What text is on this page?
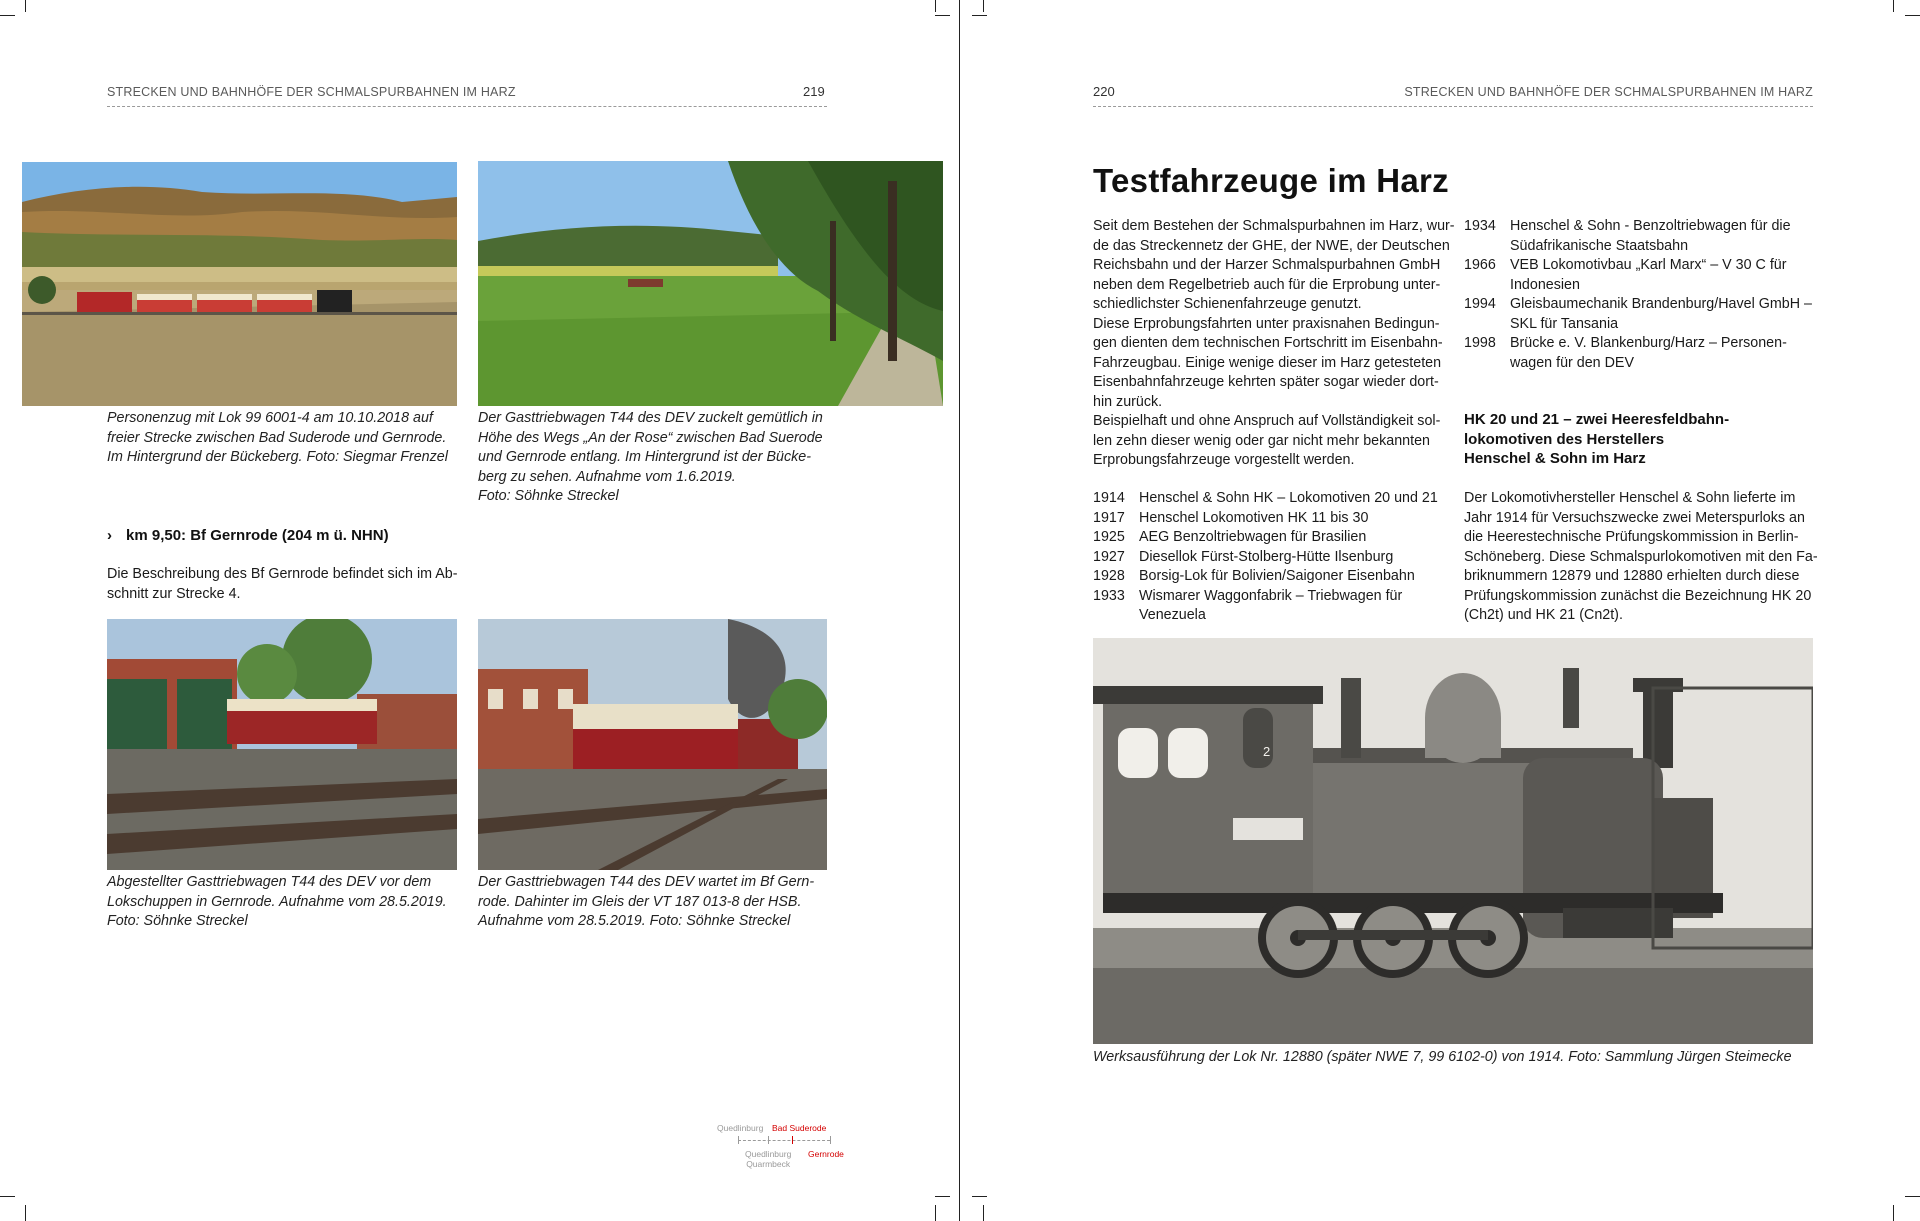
STRECKEN UND BAHNHÖFE DER SCHMALSPURBAHNEN IM HARZ	219
Personenzug mit Lok 99 6001-4 am 10.10.2018 auf
freier Strecke zwischen Bad Suderode und Gernrode.
Im Hintergrund der Bückeberg. Foto: Siegmar Frenzel
Der Gasttriebwagen T44 des DEV zuckelt gemütlich in
Höhe des Wegs „An der Rose“ zwischen Bad Suerode
und Gernrode entlang. Im Hintergrund ist der Bücke-
berg zu sehen. Aufnahme vom 1.6.2019.
Foto: Söhnke Streckel
› km 9,50: Bf Gernrode (204 m ü. NHN)
Die Beschreibung des Bf Gernrode befindet sich im Ab-
schnitt zur Strecke 4.
Abgestellter Gasttriebwagen T44 des DEV vor dem
Lokschuppen in Gernrode. Aufnahme vom 28.5.2019.
Foto: Söhnke Streckel
Der Gasttriebwagen T44 des DEV wartet im Bf Gern-
rode. Dahinter im Gleis der VT 187 013-8 der HSB.
Aufnahme vom 28.5.2019. Foto: Söhnke Streckel
Quedlinburg Bad Suderode
Quedlinburg
Quarmbeck
Gernrode
220	STRECKEN UND BAHNHÖFE DER SCHMALSPURBAHNEN IM HARZ
Testfahrzeuge im Harz
Seit dem Bestehen der Schmalspurbahnen im Harz, wur-
de das Streckennetz der GHE, der NWE, der Deutschen
Reichsbahn und der Harzer Schmalspurbahnen GmbH
neben dem Regelbetrieb auch für die Erprobung unter-
schiedlichster Schienenfahrzeuge genutzt.
Diese Erprobungsfahrten unter praxisnahen Bedingun-
gen dienten dem technischen Fortschritt im Eisenbahn-
Fahrzeugbau. Einige wenige dieser im Harz getesteten
Eisenbahnfahrzeuge kehrten später sogar wieder dort-
hin zurück.
Beispielhaft und ohne Anspruch auf Vollständigkeit sol-
len zehn dieser wenig oder gar nicht mehr bekannten
Erprobungsfahrzeuge vorgestellt werden.
1914 Henschel & Sohn HK – Lokomotiven 20 und 21
1917 Henschel Lokomotiven HK 11 bis 30
1925 AEG Benzoltriebwagen für Brasilien
1927 Diesellok Fürst-Stolberg-Hütte Ilsenburg
1928 Borsig-Lok für Bolivien/Saigoner Eisenbahn
1933 Wismarer Waggonfabrik – Triebwagen für
Venezuela
1934 Henschel & Sohn - Benzoltriebwagen für die
Südafrikanische Staatsbahn
1966 VEB Lokomotivbau „Karl Marx“ – V 30 C für
Indonesien
1994 Gleisbaumechanik Brandenburg/Havel GmbH –
SKL für Tansania
1998 Brücke e. V. Blankenburg/Harz – Personen-
wagen für den DEV
HK 20 und 21 – zwei Heeresfeldbahn-
lokomotiven des Herstellers
Henschel & Sohn im Harz
Der Lokomotivhersteller Henschel & Sohn lieferte im
Jahr 1914 für Versuchszwecke zwei Meterspurloks an
die Heerestechnische Prüfungskommission in Berlin-
Schöneberg. Diese Schmalspurlokomotiven mit den Fa-
briknummern 12879 und 12880 erhielten durch diese
Prüfungskommission zunächst die Bezeichnung HK 20
(Ch2t) und HK 21 (Cn2t).
2
Werksausführung der Lok Nr. 12880 (später NWE 7, 99 6102-0) von 1914. Foto: Sammlung Jürgen Steimecke
